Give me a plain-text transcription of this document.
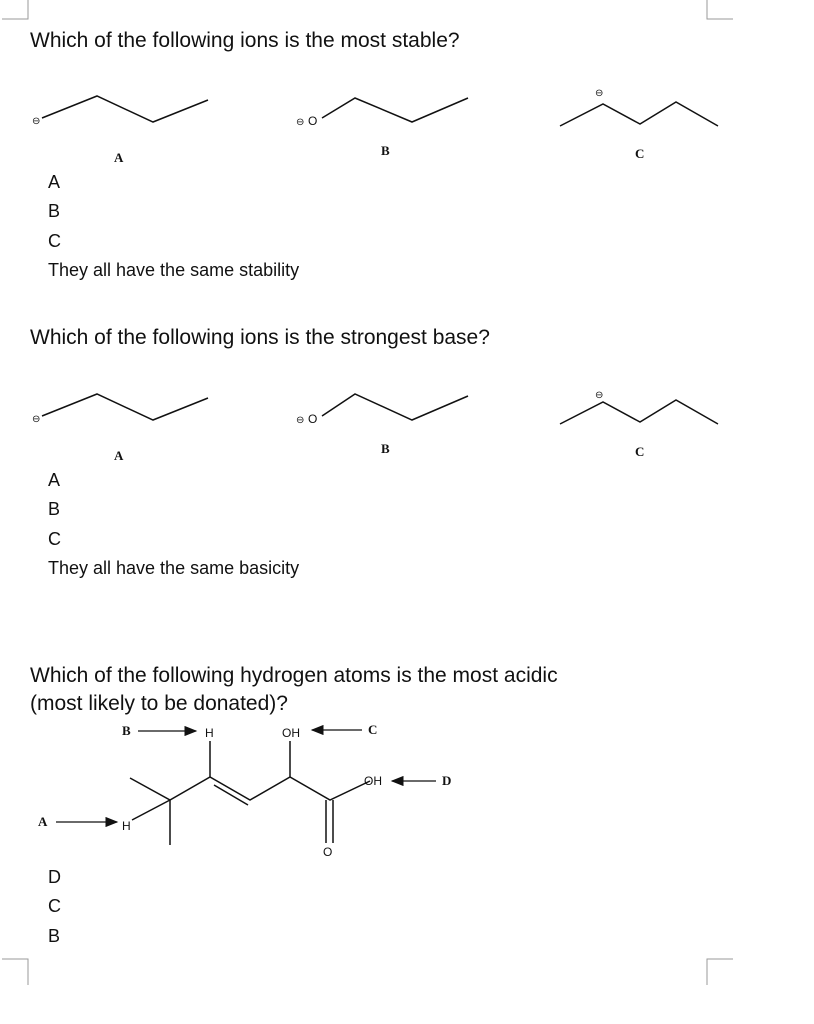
Which of the following ions is the most stable?
⊖	⊖ O
⊖
A	B	C
A
B
C
They all have the same stability
Which of the following ions is the strongest base?
⊖	⊖ O
⊖
A	B	C
A
B
C
They all have the same basicity
Which of the following hydrogen atoms is the most acidic
(most likely to be donated)?
H	OH
O
OH
H
B	C
D
A
D
C
B
